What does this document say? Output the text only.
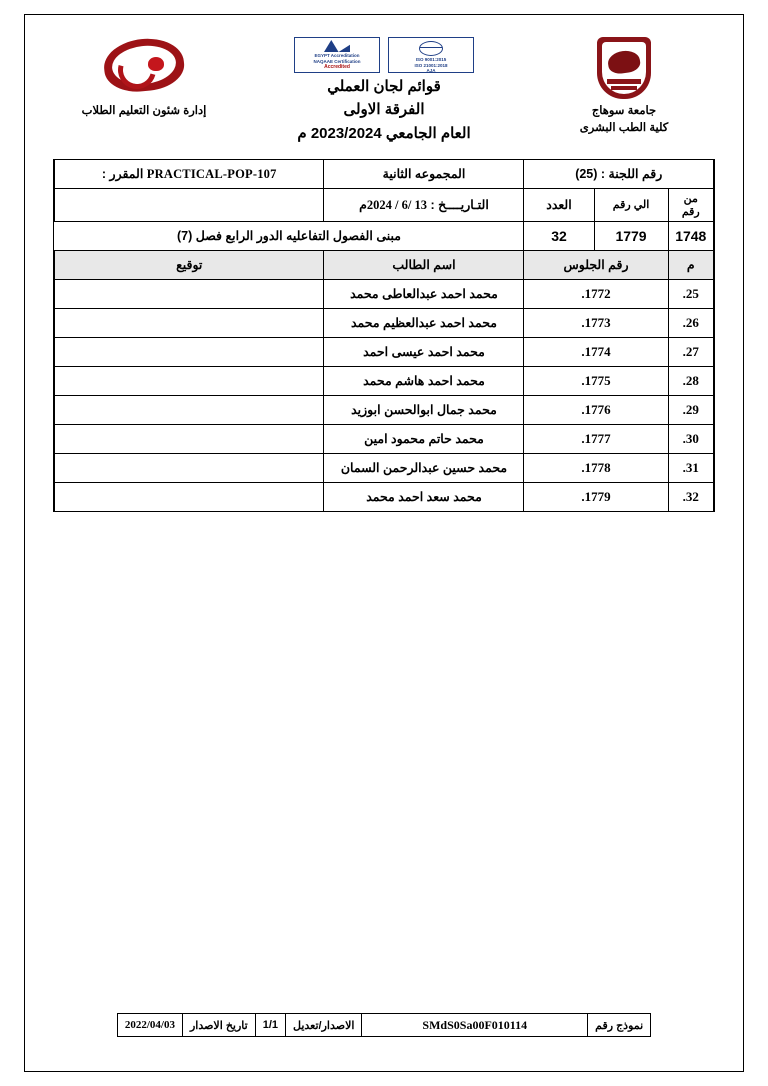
جامعة سوهاج
كلية الطب البشرى
EGYPT Accreditation
NAQAAE Certification
Accredited
CAB # 01207
ISO 9001:2015
ISO 21001:2018
AJA
قوائم لجان العملي
الفرقة الاولى
العام الجامعي 2023/2024 م
إدارة شئون التعليم الطلاب
رقم اللجنة : (25)			المجموعه الثانية	PRACTICAL-POP-107 المقرر :
من رقم	الي رقم	العدد	التـاريــــخ : 13 /6 / 2024م	
1748	1779	32	مبنى الفصول التفاعليه الدور الرابع فصل (7)	
م	رقم الجلوس		اسم الطالب	توقيع
25.	1772.		محمد احمد عبدالعاطى محمد	
26.	1773.		محمد احمد عبدالعظيم محمد	
27.	1774.		محمد احمد عيسى احمد	
28.	1775.		محمد احمد هاشم محمد	
29.	1776.		محمد جمال ابوالحسن ابوزيد	
30.	1777.		محمد حاتم محمود امين	
31.	1778.		محمد حسين عبدالرحمن السمان	
32.	1779.		محمد سعد احمد محمد	
نموذج رقم	SMdS0Sa00F010114	الاصدار/تعديل	1/1	تاريخ الاصدار	2022/04/03
